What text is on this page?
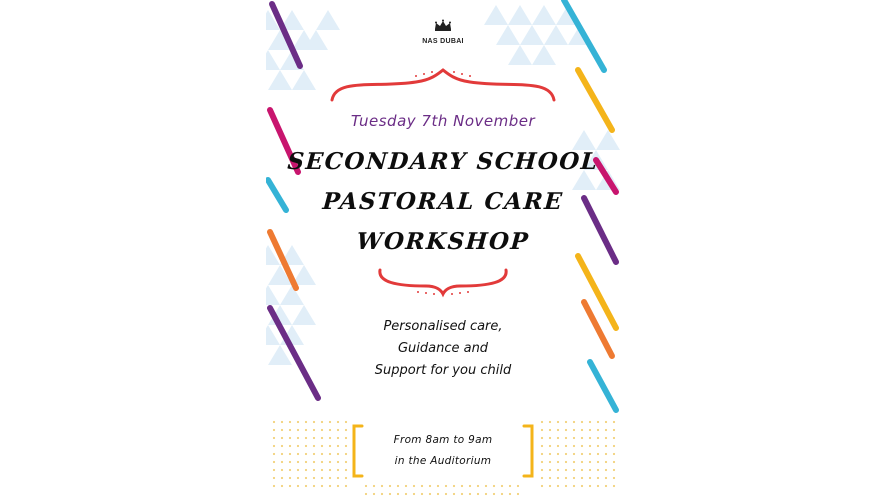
NAS DUBAI
Tuesday 7th November
SECONDARY SCHOOL
PASTORAL CARE
WORKSHOP
Personalised care,
Guidance and
Support for you child
From 8am to 9am
in the Auditorium
